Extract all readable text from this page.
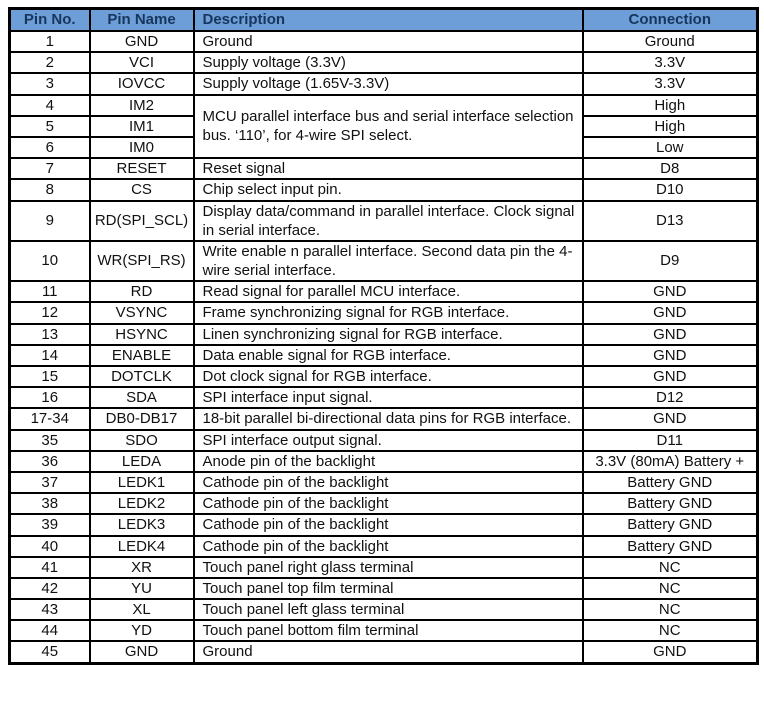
Pin No.	Pin Name	Description	Connection
1	GND	Ground	Ground
2	VCI	Supply voltage (3.3V)	3.3V
3	IOVCC	Supply voltage (1.65V-3.3V)	3.3V
4	IM2	MCU parallel interface bus and serial interface selection bus. ‘110’, for 4-wire SPI select.	High
5	IM1		High
6	IM0		Low
7	RESET	Reset signal	D8
8	CS	Chip select input pin.	D10
9	RD(SPI_SCL)	Display data/command in parallel interface. Clock signal in serial interface.	D13
10	WR(SPI_RS)	Write enable n parallel interface. Second data pin the 4-wire serial interface.	D9
11	RD	Read signal for parallel MCU interface.	GND
12	VSYNC	Frame synchronizing signal for RGB interface.	GND
13	HSYNC	Linen synchronizing signal for RGB interface.	GND
14	ENABLE	Data enable signal for RGB interface.	GND
15	DOTCLK	Dot clock signal for RGB interface.	GND
16	SDA	SPI interface input signal.	D12
17-34	DB0-DB17	18-bit parallel bi-directional data pins for RGB interface.	GND
35	SDO	SPI interface output signal.	D11
36	LEDA	Anode pin of the backlight	3.3V (80mA) Battery +
37	LEDK1	Cathode pin of the backlight	Battery GND
38	LEDK2	Cathode pin of the backlight	Battery GND
39	LEDK3	Cathode pin of the backlight	Battery GND
40	LEDK4	Cathode pin of the backlight	Battery GND
41	XR	Touch panel right glass terminal	NC
42	YU	Touch panel top film terminal	NC
43	XL	Touch panel left glass terminal	NC
44	YD	Touch panel bottom film terminal	NC
45	GND	Ground	GND
